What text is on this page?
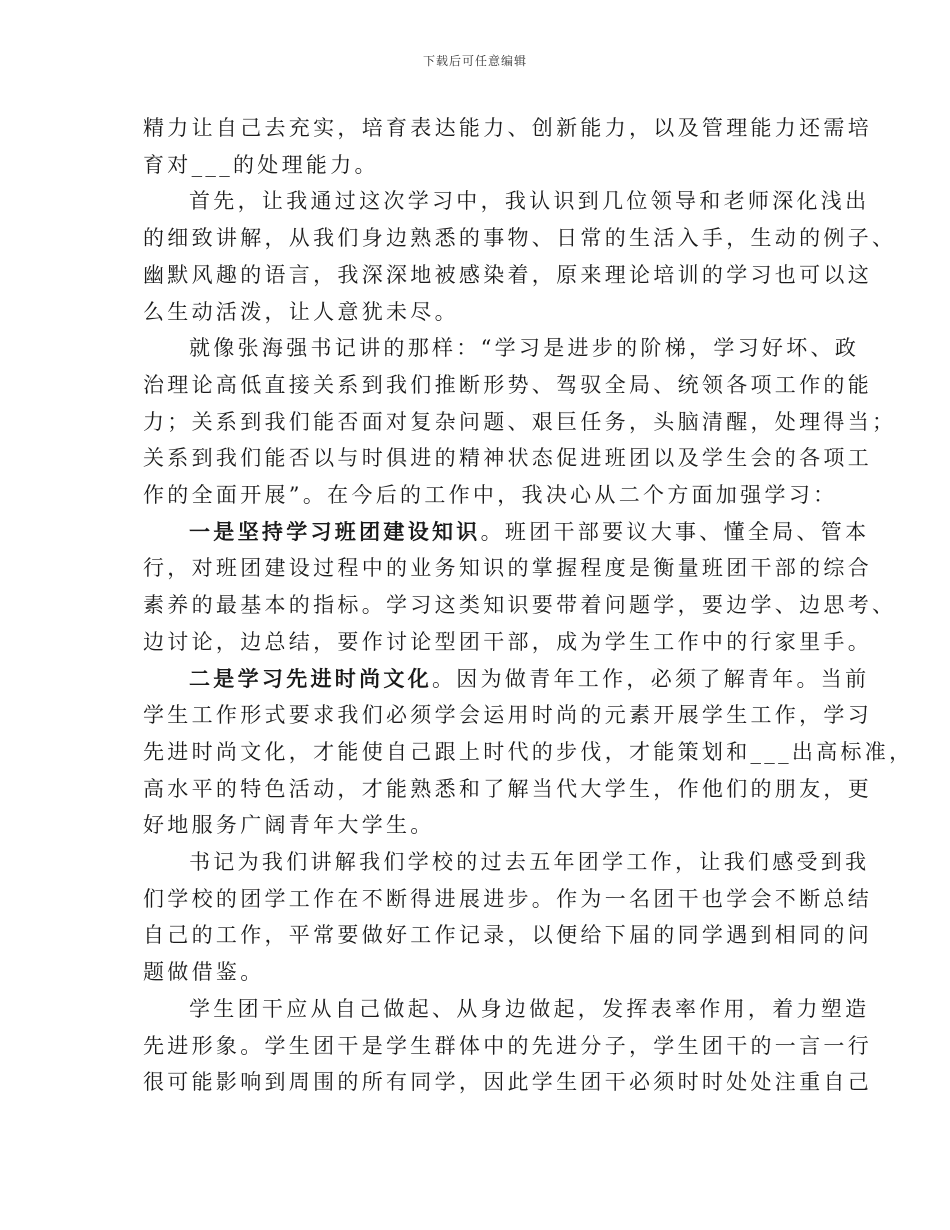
下载后可任意编辑

精力让自己去充实，培育表达能力、创新能力，以及管理能力还需培
育对___的处理能力。

首先，让我通过这次学习中，我认识到几位领导和老师深化浅出
的细致讲解，从我们身边熟悉的事物、日常的生活入手，生动的例子、
幽默风趣的语言，我深深地被感染着，原来理论培训的学习也可以这
么生动活泼，让人意犹未尽。

就像张海强书记讲的那样：“学习是进步的阶梯，学习好坏、政
治理论高低直接关系到我们推断形势、驾驭全局、统领各项工作的能
力；关系到我们能否面对复杂问题、艰巨任务，头脑清醒，处理得当；
关系到我们能否以与时俱进的精神状态促进班团以及学生会的各项工
作的全面开展”。在今后的工作中，我决心从二个方面加强学习：

一是坚持学习班团建设知识。班团干部要议大事、懂全局、管本
行，对班团建设过程中的业务知识的掌握程度是衡量班团干部的综合
素养的最基本的指标。学习这类知识要带着问题学，要边学、边思考、
边讨论，边总结，要作讨论型团干部，成为学生工作中的行家里手。

二是学习先进时尚文化。因为做青年工作，必须了解青年。当前
学生工作形式要求我们必须学会运用时尚的元素开展学生工作，学习
先进时尚文化，才能使自己跟上时代的步伐，才能策划和___出高标准，
高水平的特色活动，才能熟悉和了解当代大学生，作他们的朋友，更
好地服务广阔青年大学生。

书记为我们讲解我们学校的过去五年团学工作，让我们感受到我
们学校的团学工作在不断得进展进步。作为一名团干也学会不断总结
自己的工作，平常要做好工作记录，以便给下届的同学遇到相同的问
题做借鉴。

学生团干应从自己做起、从身边做起，发挥表率作用，着力塑造
先进形象。学生团干是学生群体中的先进分子，学生团干的一言一行
很可能影响到周围的所有同学，因此学生团干必须时时处处注重自己
